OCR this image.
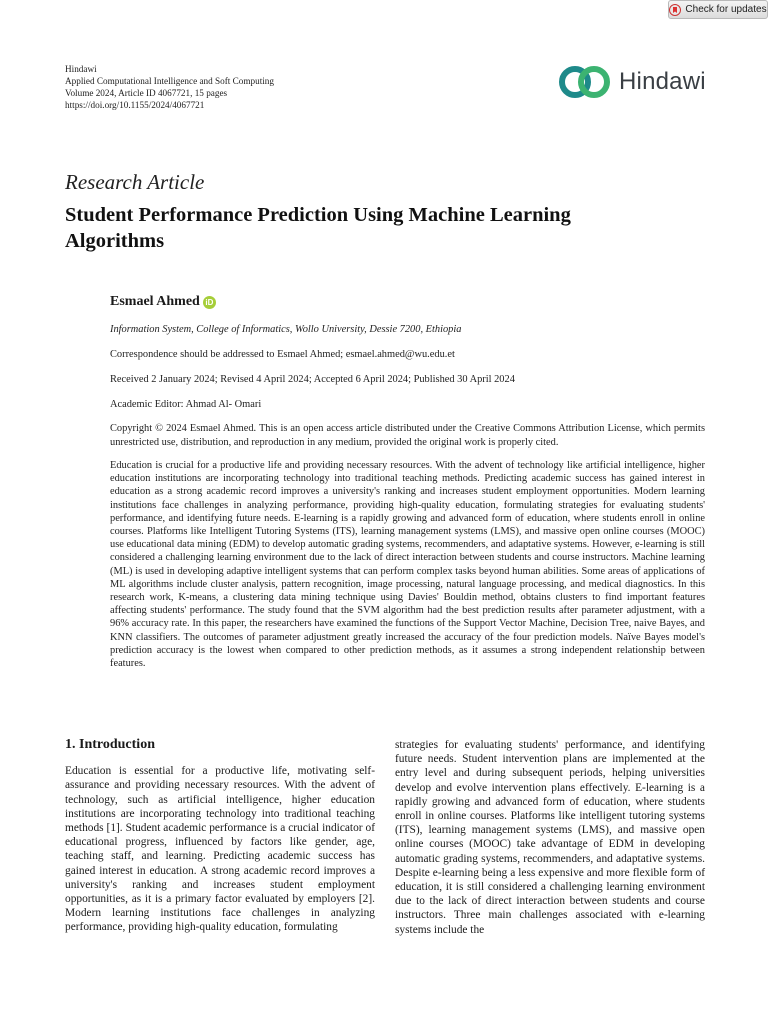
Check for updates
Hindawi
Applied Computational Intelligence and Soft Computing
Volume 2024, Article ID 4067721, 15 pages
https://doi.org/10.1155/2024/4067721
Hindawi
Research Article
Student Performance Prediction Using Machine Learning Algorithms
Esmael Ahmed iD
Information System, College of Informatics, Wollo University, Dessie 7200, Ethiopia
Correspondence should be addressed to Esmael Ahmed; esmael.ahmed@wu.edu.et
Received 2 January 2024; Revised 4 April 2024; Accepted 6 April 2024; Published 30 April 2024
Academic Editor: Ahmad Al- Omari
Copyright © 2024 Esmael Ahmed. This is an open access article distributed under the Creative Commons Attribution License, which permits unrestricted use, distribution, and reproduction in any medium, provided the original work is properly cited.
Education is crucial for a productive life and providing necessary resources. With the advent of technology like artificial intelligence, higher education institutions are incorporating technology into traditional teaching methods. Predicting academic success has gained interest in education as a strong academic record improves a university's ranking and increases student employment opportunities. Modern learning institutions face challenges in analyzing performance, providing high-quality education, formulating strategies for evaluating students' performance, and identifying future needs. E-learning is a rapidly growing and advanced form of education, where students enroll in online courses. Platforms like Intelligent Tutoring Systems (ITS), learning management systems (LMS), and massive open online courses (MOOC) use educational data mining (EDM) to develop automatic grading systems, recommenders, and adaptative systems. However, e-learning is still considered a challenging learning environment due to the lack of direct interaction between students and course instructors. Machine learning (ML) is used in developing adaptive intelligent systems that can perform complex tasks beyond human abilities. Some areas of applications of ML algorithms include cluster analysis, pattern recognition, image processing, natural language processing, and medical diagnostics. In this research work, K-means, a clustering data mining technique using Davies' Bouldin method, obtains clusters to find important features affecting students' performance. The study found that the SVM algorithm had the best prediction results after parameter adjustment, with a 96% accuracy rate. In this paper, the researchers have examined the functions of the Support Vector Machine, Decision Tree, naive Bayes, and KNN classifiers. The outcomes of parameter adjustment greatly increased the accuracy of the four prediction models. Naïve Bayes model's prediction accuracy is the lowest when compared to other prediction methods, as it assumes a strong independent relationship between features.
1. Introduction
Education is essential for a productive life, motivating self-assurance and providing necessary resources. With the advent of technology, such as artificial intelligence, higher education institutions are incorporating technology into traditional teaching methods [1]. Student academic performance is a crucial indicator of educational progress, influenced by factors like gender, age, teaching staff, and learning. Predicting academic success has gained interest in education. A strong academic record improves a university's ranking and increases student employment opportunities, as it is a primary factor evaluated by employers [2]. Modern learning institutions face challenges in analyzing performance, providing high-quality education, formulating
strategies for evaluating students' performance, and identifying future needs. Student intervention plans are implemented at the entry level and during subsequent periods, helping universities develop and evolve intervention plans effectively. E-learning is a rapidly growing and advanced form of education, where students enroll in online courses. Platforms like intelligent tutoring systems (ITS), learning management systems (LMS), and massive open online courses (MOOC) take advantage of EDM in developing automatic grading systems, recommenders, and adaptative systems. Despite e-learning being a less expensive and more flexible form of education, it is still considered a challenging learning environment due to the lack of direct interaction between students and course instructors. Three main challenges associated with e-learning systems include the
